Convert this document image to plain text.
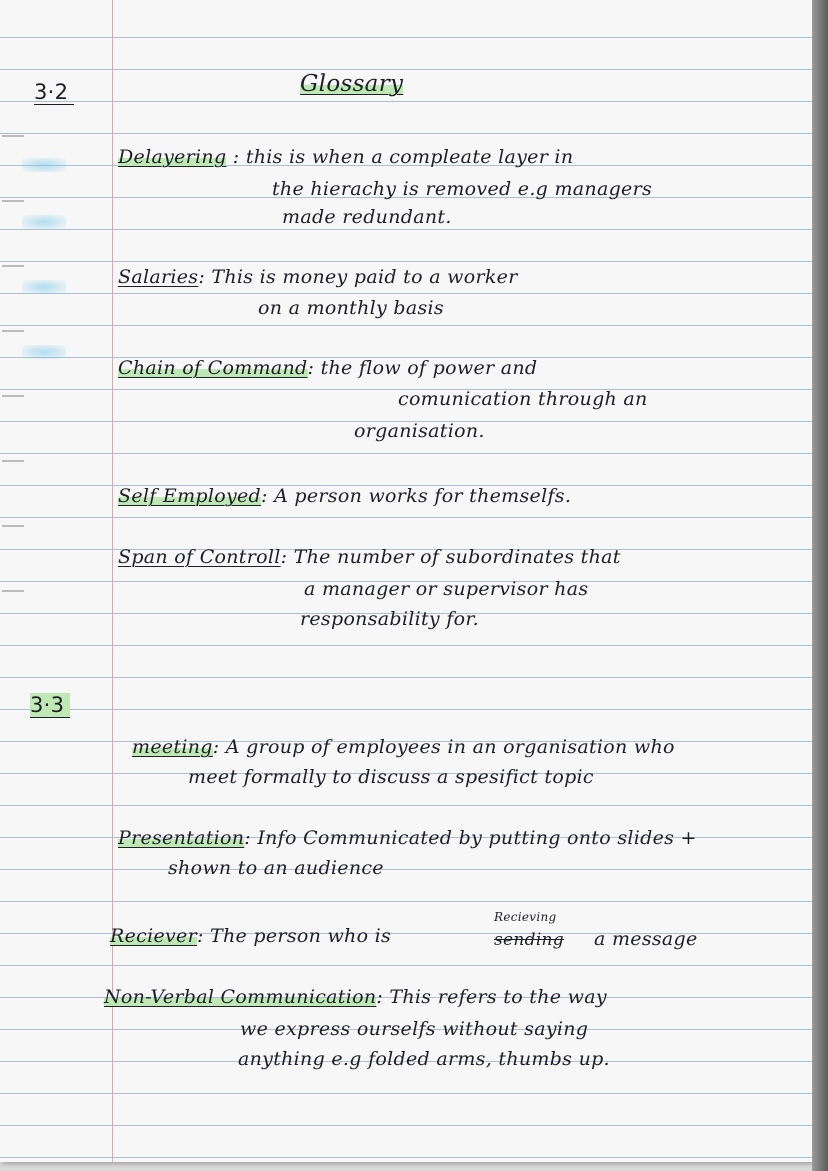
3·2	Glossary
Delayering : this is when a compleate layer in
the hierachy is removed e.g managers
made redundant.
Salaries: This is money paid to a worker
on a monthly basis
Chain of Command: the flow of power and
comunication through an
organisation.
Self Employed: A person works for themselfs.
Span of Controll: The number of subordinates that
a manager or supervisor has
responsability for.
3·3
meeting: A group of employees in an organisation who
meet formally to discuss a spesifict topic
Presentation: Info Communicated by putting onto slides +
shown to an audience
Reciever: The person who is	sending
Recieving
a message
Non-Verbal Communication: This refers to the way
we express ourselfs without saying
anything e.g folded arms, thumbs up.
